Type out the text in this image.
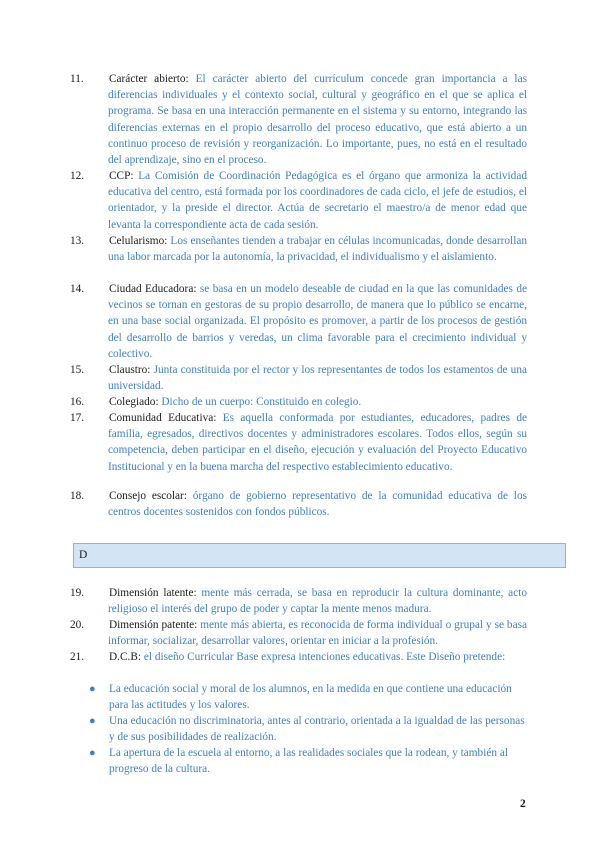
11. Carácter abierto: El carácter abierto del currículum concede gran importancia a las diferencias individuales y el contexto social, cultural y geográfico en el que se aplica el programa. Se basa en una interacción permanente en el sistema y su entorno, integrando las diferencias externas en el propio desarrollo del proceso educativo, que está abierto a un continuo proceso de revisión y reorganización. Lo importante, pues, no está en el resultado del aprendizaje, sino en el proceso.
12. CCP: La Comisión de Coordinación Pedagógica es el órgano que armoniza la actividad educativa del centro, está formada por los coordinadores de cada ciclo, el jefe de estudios, el orientador, y la preside el director. Actúa de secretario el maestro/a de menor edad que levanta la correspondiente acta de cada sesión.
13. Celularismo: Los enseñantes tienden a trabajar en células incomunicadas, donde desarrollan una labor marcada por la autonomía, la privacidad, el individualismo y el aislamiento.
14. Ciudad Educadora: se basa en un modelo deseable de ciudad en la que las comunidades de vecinos se tornan en gestoras de su propio desarrollo, de manera que lo público se encarne, en una base social organizada. El propósito es promover, a partir de los procesos de gestión del desarrollo de barrios y veredas, un clima favorable para el crecimiento individual y colectivo.
15. Claustro: Junta constituida por el rector y los representantes de todos los estamentos de una universidad.
16. Colegiado: Dicho de un cuerpo: Constituido en colegio.
17. Comunidad Educativa: Es aquella conformada por estudiantes, educadores, padres de familia, egresados, directivos docentes y administradores escolares. Todos ellos, según su competencia, deben participar en el diseño, ejecución y evaluación del Proyecto Educativo Institucional y en la buena marcha del respectivo establecimiento educativo.
18. Consejo escolar: órgano de gobierno representativo de la comunidad educativa de los centros docentes sostenidos con fondos públicos.
D
19. Dimensión latente: mente más cerrada, se basa en reproducir la cultura dominante, acto religioso el interés del grupo de poder y captar la mente menos madura.
20. Dimensión patente: mente más abierta, es reconocida de forma individual o grupal y se basa informar, socializar, desarrollar valores, orientar en iniciar a la profesión.
21. D.C.B: el diseño Curricular Base expresa intenciones educativas. Este Diseño pretende:
●	La educación social y moral de los alumnos, en la medida en que contiene una educación para las actitudes y los valores.
●	Una educación no discriminatoria, antes al contrario, orientada a la igualdad de las personas y de sus posibilidades de realización.
●	La apertura de la escuela al entorno, a las realidades sociales que la rodean, y también al progreso de la cultura.
2
